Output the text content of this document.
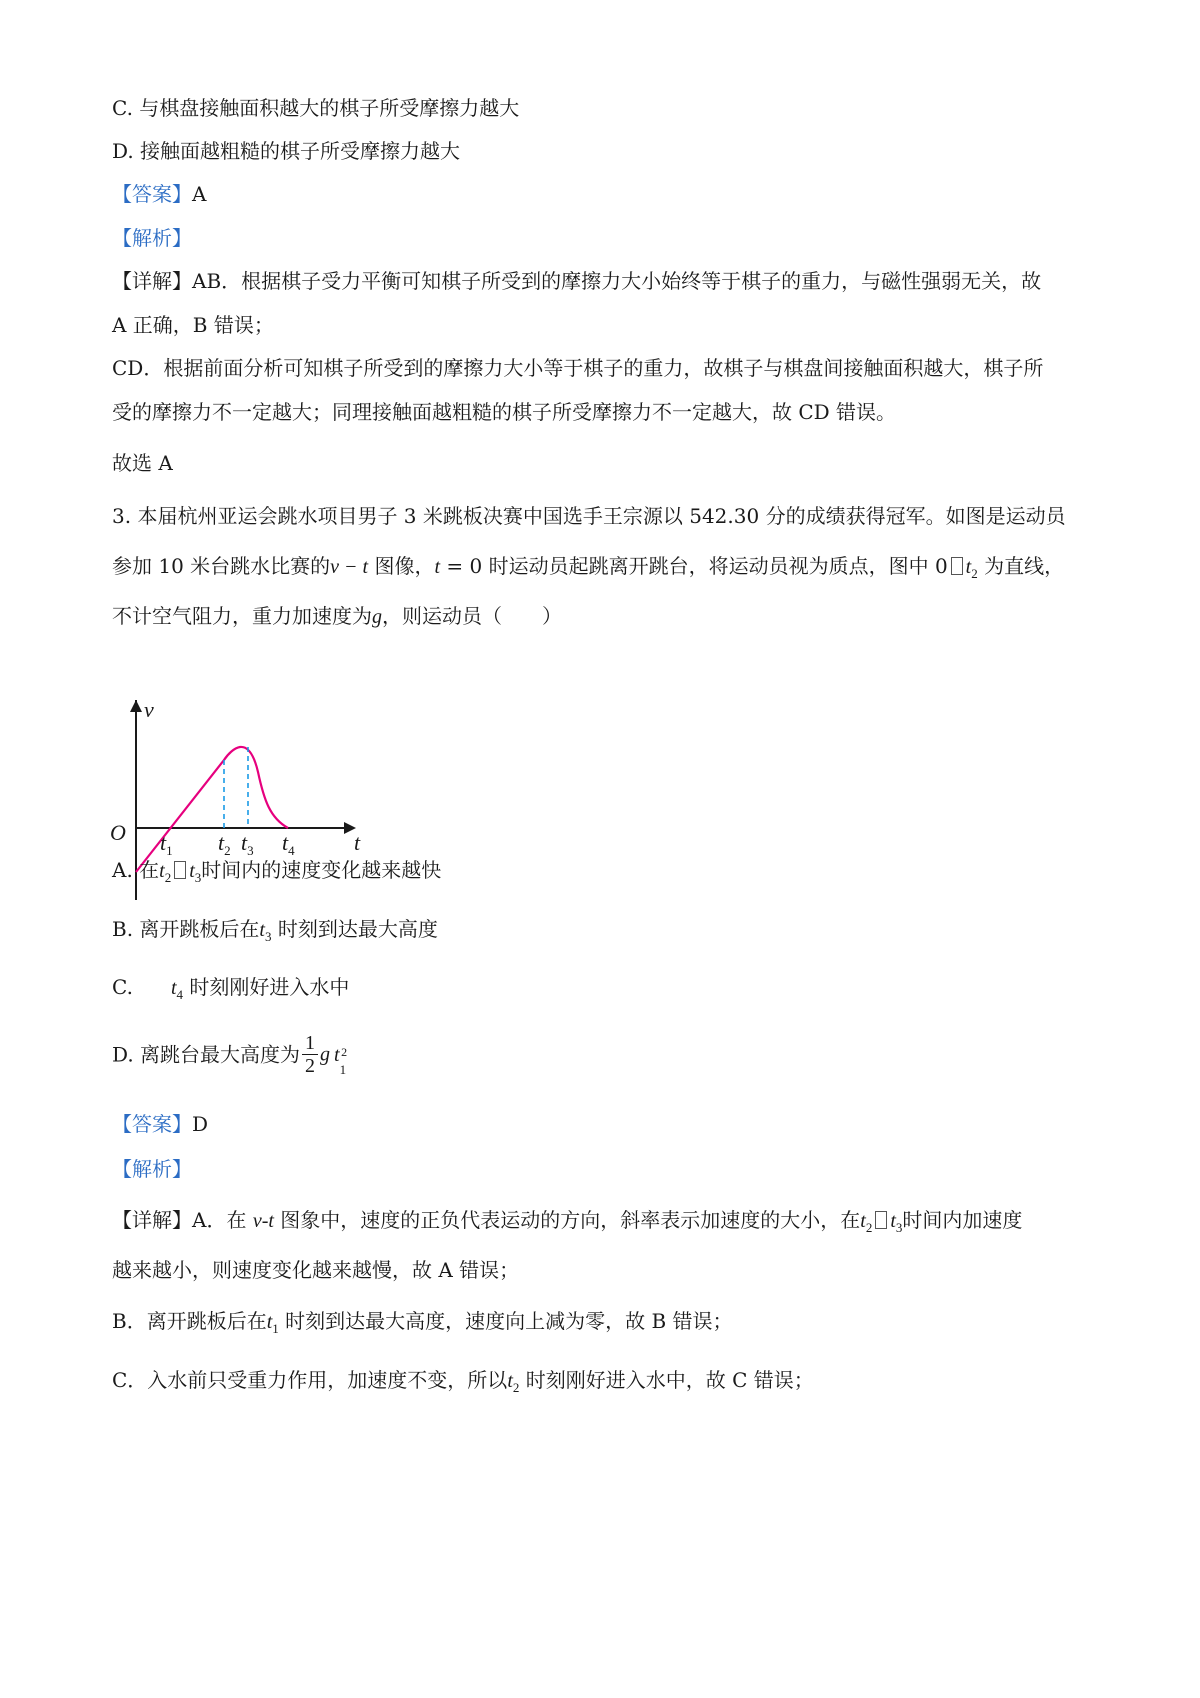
C. 与棋盘接触面积越大的棋子所受摩擦力越大
D. 接触面越粗糙的棋子所受摩擦力越大
【答案】A
【解析】
【详解】AB．根据棋子受力平衡可知棋子所受到的摩擦力大小始终等于棋子的重力，与磁性强弱无关，故
A 正确，B 错误；
CD．根据前面分析可知棋子所受到的摩擦力大小等于棋子的重力，故棋子与棋盘间接触面积越大，棋子所
受的摩擦力不一定越大；同理接触面越粗糙的棋子所受摩擦力不一定越大，故 CD 错误。
故选 A
3. 本届杭州亚运会跳水项目男子 3 米跳板决赛中国选手王宗源以 542.30 分的成绩获得冠军。如图是运动员
参加 10 米台跳水比赛的v − t 图像，t = 0 时运动员起跳离开跳台，将运动员视为质点，图中 0 $t_2$ 为直线，
不计空气阻力，重力加速度为g，则运动员（　　）
v
t
O $t_1$ $t_2$ $t_3$ $t_4$
A. 在$t_2$ $t_3$时间内的速度变化越来越快
B. 离开跳板后在$t_3$ 时刻到达最大高度
C. $t_4$ 时刻刚好进入水中
D. 离跳台最大高度为 $\frac{1}{2}$ g $t_1^2$
【答案】D
【解析】
【详解】A．在 v-t 图象中，速度的正负代表运动的方向，斜率表示加速度的大小，在$t_2$ $t_3$时间内加速度
越来越小，则速度变化越来越慢，故 A 错误；
B．离开跳板后在$t_1$ 时刻到达最大高度，速度向上减为零，故 B 错误；
C．入水前只受重力作用，加速度不变，所以$t_2$ 时刻刚好进入水中，故 C 错误；
